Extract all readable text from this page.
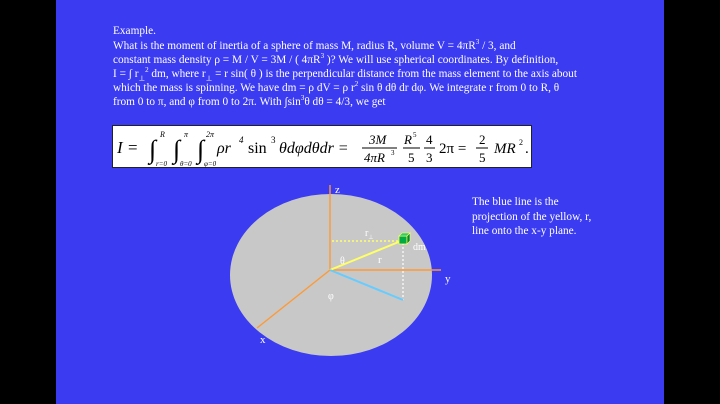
Example.
What is the moment of inertia of a sphere of mass M, radius R, volume $V = 4\pi R^3 / 3$, and
constant mass density ρ = M / V = 3M / ( $4\pi R^3$ )? We will use spherical coordinates. By definition,
I = ∫ $r_\perp^2$ dm, where $r_\perp = r$ sin( θ ) is the perpendicular distance from the mass element to the axis about
which the mass is spinning. We have dm = ρ dV = ρ $r^2$ sin θ dθ dr dφ. We integrate r from 0 to R, θ
from 0 to π, and φ from 0 to 2π. With $\int\sin^3\theta$ dθ = 4/3, we get
I = ∫
R
r=0 ∫
π
θ=0 ∫
2π
φ=0
ρr 4 sin 3 θdφdθdr =
3M
4πR 3
R 5
5
4
3
2π =
2
5
MR 2 .
The blue line is the
projection of the yellow, r,
line onto the x-y plane.
z
y
x
$r_\perp$
dm
θ	r
φ
